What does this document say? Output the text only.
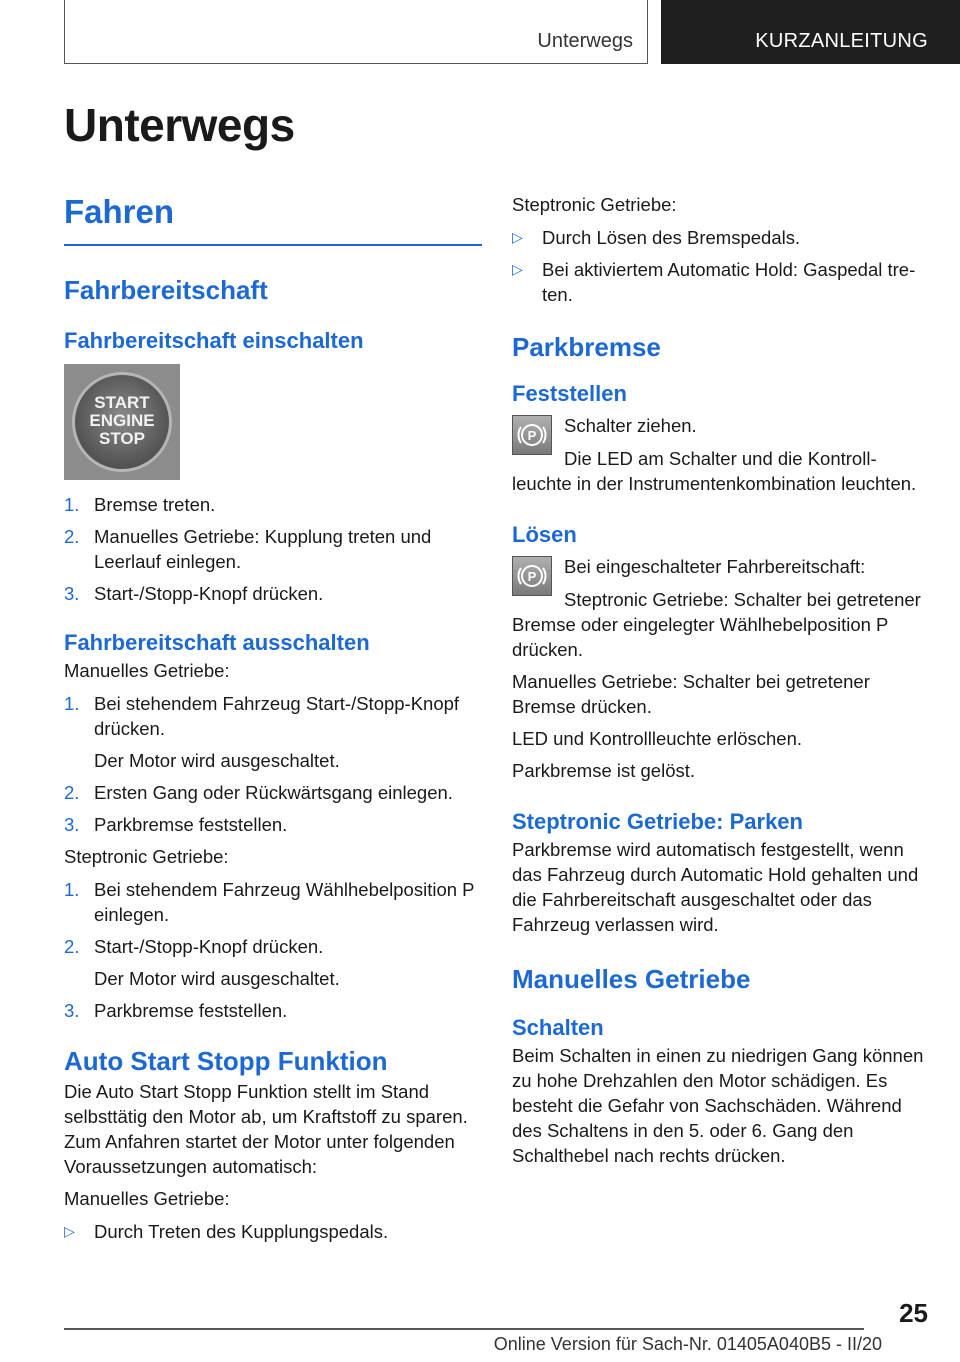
Unterwegs	KURZANLEITUNG
Unterwegs
Fahren
Fahrbereitschaft
Fahrbereitschaft einschalten
START
ENGINE
STOP
1. Bremse treten.
2. Manuelles Getriebe: Kupplung treten und Leerlauf einlegen.
3. Start-/Stopp-Knopf drücken.
Fahrbereitschaft ausschalten

Manuelles Getriebe:

1. Bei stehendem Fahrzeug Start-/Stopp-Knopf drücken.
Der Motor wird ausgeschaltet.
2. Ersten Gang oder Rückwärtsgang einlegen.
3. Parkbremse feststellen.

Steptronic Getriebe:

1. Bei stehendem Fahrzeug Wählhebelposition P einlegen.
2. Start-/Stopp-Knopf drücken.
Der Motor wird ausgeschaltet.
3. Parkbremse feststellen.
Auto Start Stopp Funktion

Die Auto Start Stopp Funktion stellt im Stand selbsttätig den Motor ab, um Kraftstoff zu sparen. Zum Anfahren startet der Motor unter folgenden Voraussetzungen automatisch:

Manuelles Getriebe:

▷ Durch Treten des Kupplungspedals.

Steptronic Getriebe:

▷ Durch Lösen des Bremspedals.
▷ Bei aktiviertem Automatic Hold: Gaspedal treten.
Parkbremse
Feststellen
P	Schalter ziehen.

Die LED am Schalter und die Kontrollleuchte in der Instrumentenkombination leuchten.

Lösen
P	Bei eingeschalteter Fahrbereitschaft:

Steptronic Getriebe: Schalter bei getretener Bremse oder eingelegter Wählhebelposition P drücken.

Manuelles Getriebe: Schalter bei getretener Bremse drücken.

LED und Kontrollleuchte erlöschen.

Parkbremse ist gelöst.

Steptronic Getriebe: Parken

Parkbremse wird automatisch festgestellt, wenn das Fahrzeug durch Automatic Hold gehalten und die Fahrbereitschaft ausgeschaltet oder das Fahrzeug verlassen wird.

Manuelles Getriebe
Schalten

Beim Schalten in einen zu niedrigen Gang können zu hohe Drehzahlen den Motor schädigen. Es besteht die Gefahr von Sachschäden. Während des Schaltens in den 5. oder 6. Gang den Schalthebel nach rechts drücken.

25
Online Version für Sach-Nr. 01405A040B5 - II/20
